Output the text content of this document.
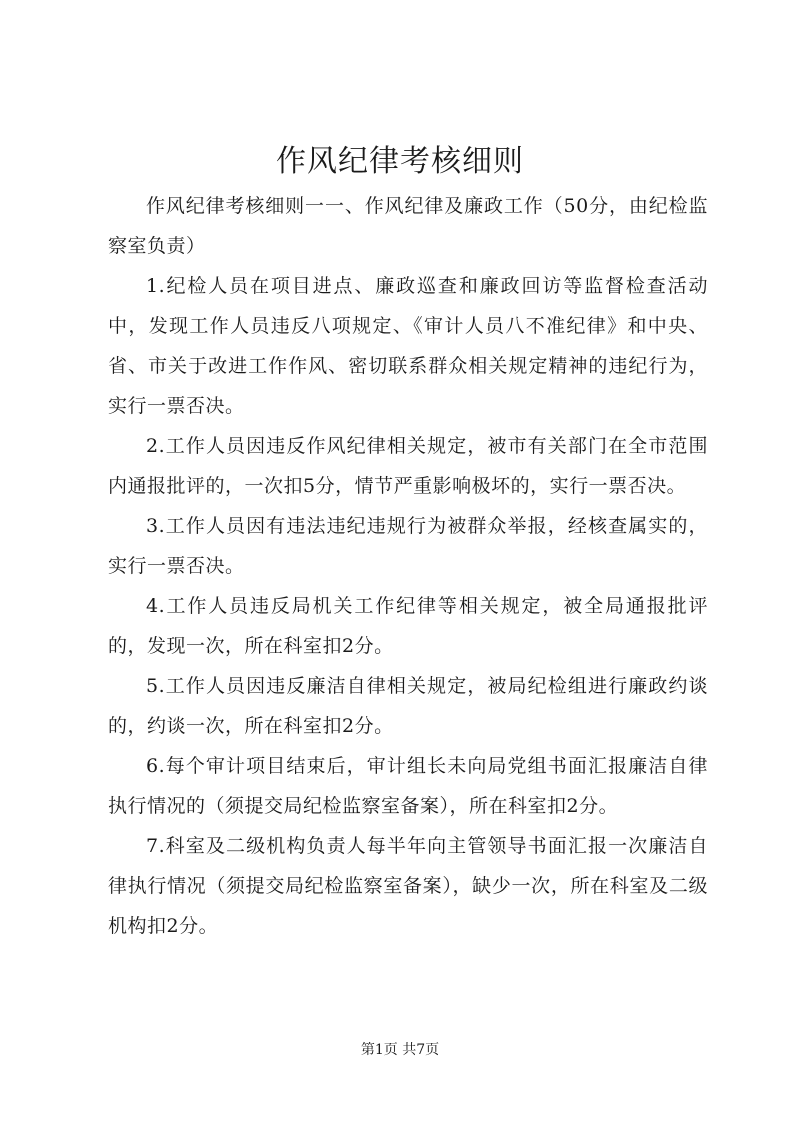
作风纪律考核细则

作风纪律考核细则一一、作风纪律及廉政工作（50分，由纪检监察室负责）

1.纪检人员在项目进点、廉政巡查和廉政回访等监督检查活动中，发现工作人员违反八项规定、《审计人员八不准纪律》和中央、省、市关于改进工作作风、密切联系群众相关规定精神的违纪行为，实行一票否决。

2.工作人员因违反作风纪律相关规定，被市有关部门在全市范围内通报批评的，一次扣5分，情节严重影响极坏的，实行一票否决。

3.工作人员因有违法违纪违规行为被群众举报，经核查属实的，实行一票否决。

4.工作人员违反局机关工作纪律等相关规定，被全局通报批评的，发现一次，所在科室扣2分。

5.工作人员因违反廉洁自律相关规定，被局纪检组进行廉政约谈的，约谈一次，所在科室扣2分。

6.每个审计项目结束后，审计组长未向局党组书面汇报廉洁自律执行情况的（须提交局纪检监察室备案），所在科室扣2分。

7.科室及二级机构负责人每半年向主管领导书面汇报一次廉洁自律执行情况（须提交局纪检监察室备案），缺少一次，所在科室及二级机构扣2分。

第1页 共7页
